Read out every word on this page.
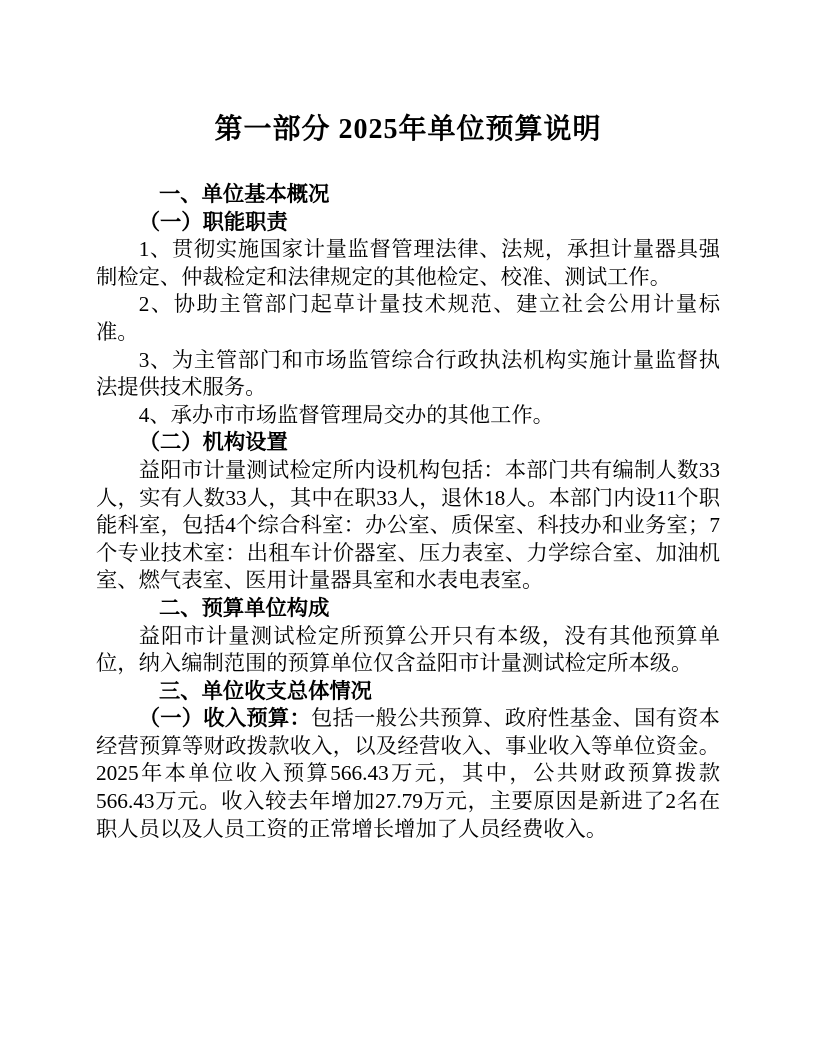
第一部分 2025年单位预算说明

一、单位基本概况

（一）职能职责

1、贯彻实施国家计量监督管理法律、法规，承担计量器具强制检定、仲裁检定和法律规定的其他检定、校准、测试工作。

2、协助主管部门起草计量技术规范、建立社会公用计量标准。

3、为主管部门和市场监管综合行政执法机构实施计量监督执法提供技术服务。

4、承办市市场监督管理局交办的其他工作。

（二）机构设置

益阳市计量测试检定所内设机构包括：本部门共有编制人数33人，实有人数33人，其中在职33人，退休18人。本部门内设11个职能科室，包括4个综合科室：办公室、质保室、科技办和业务室；7个专业技术室：出租车计价器室、压力表室、力学综合室、加油机室、燃气表室、医用计量器具室和水表电表室。

二、预算单位构成

益阳市计量测试检定所预算公开只有本级，没有其他预算单位，纳入编制范围的预算单位仅含益阳市计量测试检定所本级。

三、单位收支总体情况

（一）收入预算：包括一般公共预算、政府性基金、国有资本经营预算等财政拨款收入，以及经营收入、事业收入等单位资金。2025年本单位收入预算566.43万元，其中，公共财政预算拨款566.43万元。收入较去年增加27.79万元，主要原因是新进了2名在职人员以及人员工资的正常增长增加了人员经费收入。
